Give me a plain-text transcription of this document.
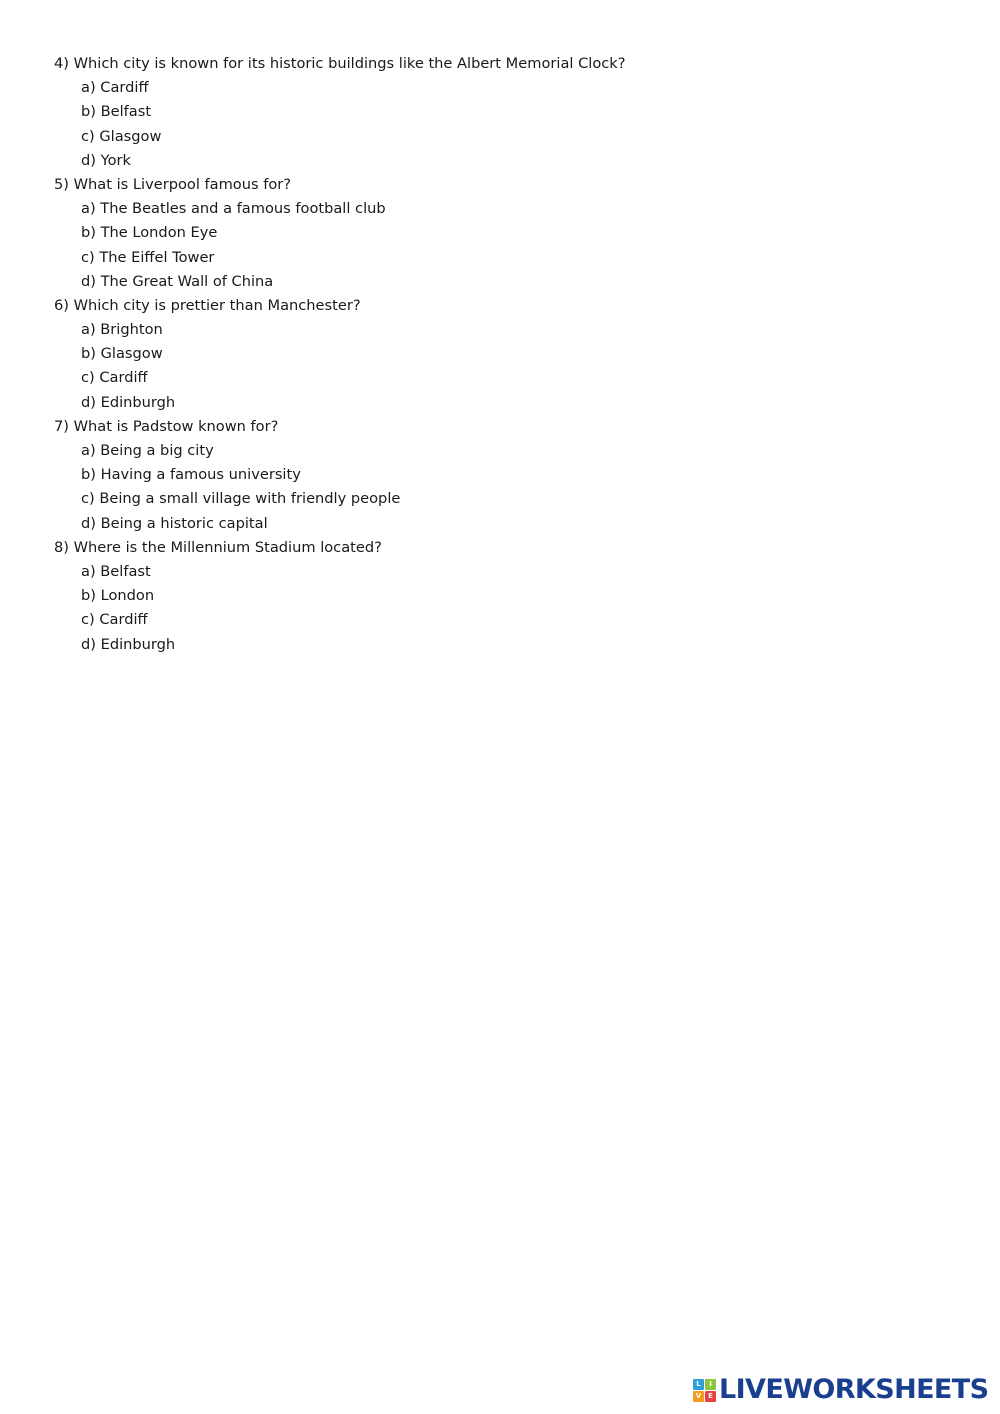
4) Which city is known for its historic buildings like the Albert Memorial Clock?
a) Cardiff
b) Belfast
c) Glasgow
d) York
5) What is Liverpool famous for?
a) The Beatles and a famous football club
b) The London Eye
c) The Eiffel Tower
d) The Great Wall of China
6) Which city is prettier than Manchester?
a) Brighton
b) Glasgow
c) Cardiff
d) Edinburgh
7) What is Padstow known for?
a) Being a big city
b) Having a famous university
c) Being a small village with friendly people
d) Being a historic capital
8) Where is the Millennium Stadium located?
a) Belfast
b) London
c) Cardiff
d) Edinburgh
L	I
V E LIVEWORKSHEETS
